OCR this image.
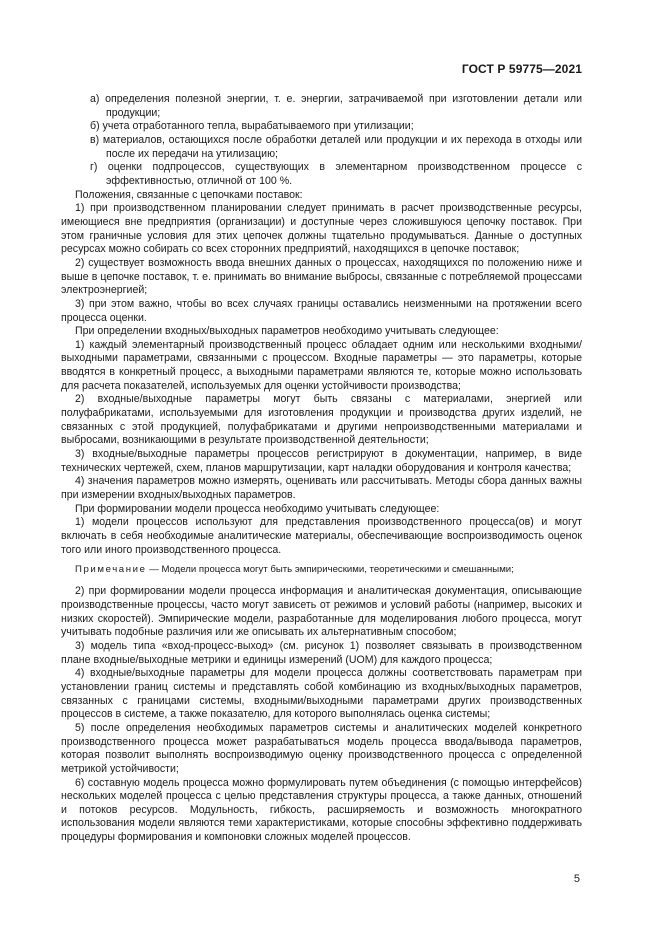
ГОСТ Р 59775—2021

а) определения полезной энергии, т. е. энергии, затрачиваемой при изготовлении детали или продукции;

б) учета отработанного тепла, вырабатываемого при утилизации;

в) материалов, остающихся после обработки деталей или продукции и их перехода в отходы или после их передачи на утилизацию;

г) оценки подпроцессов, существующих в элементарном производственном процессе с эффективностью, отличной от 100 %.

Положения, связанные с цепочками поставок:

1) при производственном планировании следует принимать в расчет производственные ресурсы, имеющиеся вне предприятия (организации) и доступные через сложившуюся цепочку поставок. При этом граничные условия для этих цепочек должны тщательно продумываться. Данные о доступных ресурсах можно собирать со всех сторонних предприятий, находящихся в цепочке поставок;

2) существует возможность ввода внешних данных о процессах, находящихся по положению ниже и выше в цепочке поставок, т. е. принимать во внимание выбросы, связанные с потребляемой процессами электроэнергией;

3) при этом важно, чтобы во всех случаях границы оставались неизменными на протяжении всего процесса оценки.

При определении входных/выходных параметров необходимо учитывать следующее:

1) каждый элементарный производственный процесс обладает одним или несколькими входными/выходными параметрами, связанными с процессом. Входные параметры — это параметры, которые вводятся в конкретный процесс, а выходными параметрами являются те, которые можно использовать для расчета показателей, используемых для оценки устойчивости производства;

2) входные/выходные параметры могут быть связаны с материалами, энергией или полуфабрикатами, используемыми для изготовления продукции и производства других изделий, не связанных с этой продукцией, полуфабрикатами и другими непроизводственными материалами и выбросами, возникающими в результате производственной деятельности;

3) входные/выходные параметры процессов регистрируют в документации, например, в виде технических чертежей, схем, планов маршрутизации, карт наладки оборудования и контроля качества;

4) значения параметров можно измерять, оценивать или рассчитывать. Методы сбора данных важны при измерении входных/выходных параметров.

При формировании модели процесса необходимо учитывать следующее:

1) модели процессов используют для представления производственного процесса(ов) и могут включать в себя необходимые аналитические материалы, обеспечивающие воспроизводимость оценок того или иного производственного процесса.

Примечание — Модели процесса могут быть эмпирическими, теоретическими и смешанными;

2) при формировании модели процесса информация и аналитическая документация, описывающие производственные процессы, часто могут зависеть от режимов и условий работы (например, высоких и низких скоростей). Эмпирические модели, разработанные для моделирования любого процесса, могут учитывать подобные различия или же описывать их альтернативным способом;

3) модель типа «вход-процесс-выход» (см. рисунок 1) позволяет связывать в производственном плане входные/выходные метрики и единицы измерений (UOM) для каждого процесса;

4) входные/выходные параметры для модели процесса должны соответствовать параметрам при установлении границ системы и представлять собой комбинацию из входных/выходных параметров, связанных с границами системы, входными/выходными параметрами других производственных процессов в системе, а также показателю, для которого выполнялась оценка системы;

5) после определения необходимых параметров системы и аналитических моделей конкретного производственного процесса может разрабатываться модель процесса ввода/вывода параметров, которая позволит выполнять воспроизводимую оценку производственного процесса с определенной метрикой устойчивости;

6) составную модель процесса можно формулировать путем объединения (с помощью интерфейсов) нескольких моделей процесса с целью представления структуры процесса, а также данных, отношений и потоков ресурсов. Модульность, гибкость, расширяемость и возможность многократного использования модели являются теми характеристиками, которые способны эффективно поддерживать процедуры формирования и компоновки сложных моделей процессов.

5
